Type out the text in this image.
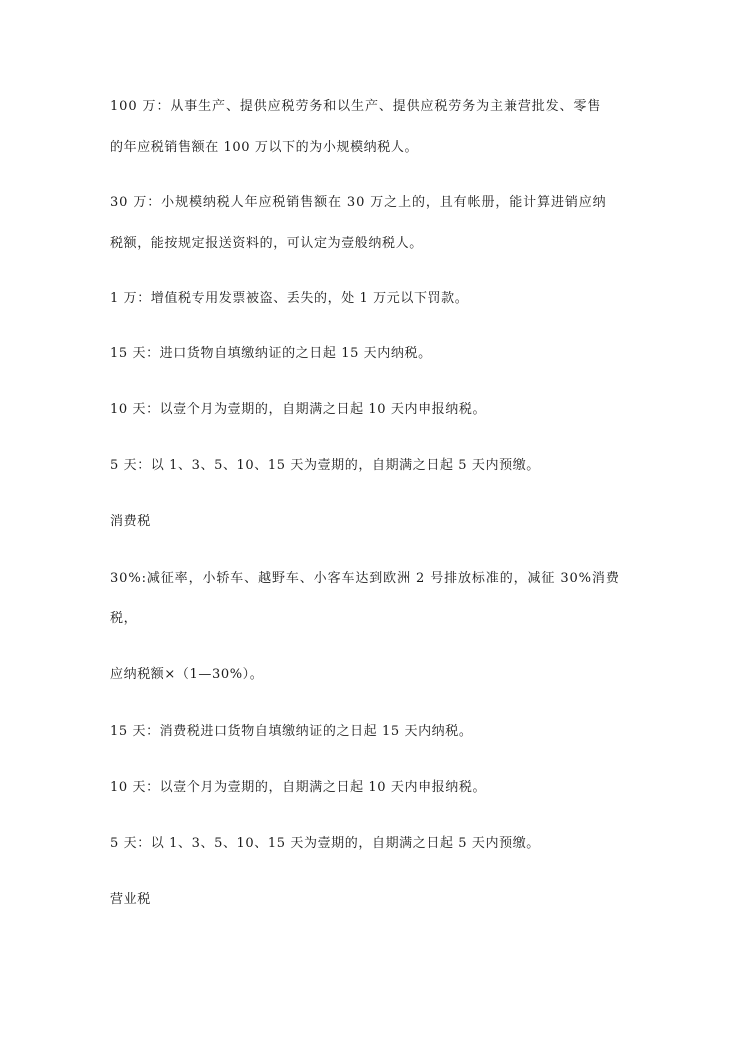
100 万：从事生产、提供应税劳务和以生产、提供应税劳务为主兼营批发、零售
的年应税销售额在 100 万以下的为小规模纳税人。
30 万：小规模纳税人年应税销售额在 30 万之上的，且有帐册，能计算进销应纳
税额，能按规定报送资料的，可认定为壹般纳税人。
1 万：增值税专用发票被盗、丢失的，处 1 万元以下罚款。
15 天：进口货物自填缴纳证的之日起 15 天内纳税。
10 天：以壹个月为壹期的，自期满之日起 10 天内申报纳税。
5 天：以 1、3、5、10、15 天为壹期的，自期满之日起 5 天内预缴。
消费税
30%:减征率，小轿车、越野车、小客车达到欧洲 2 号排放标准的，减征 30%消费
税，
应纳税额×（1—30%）。
15 天：消费税进口货物自填缴纳证的之日起 15 天内纳税。
10 天：以壹个月为壹期的，自期满之日起 10 天内申报纳税。
5 天：以 1、3、5、10、15 天为壹期的，自期满之日起 5 天内预缴。
营业税
